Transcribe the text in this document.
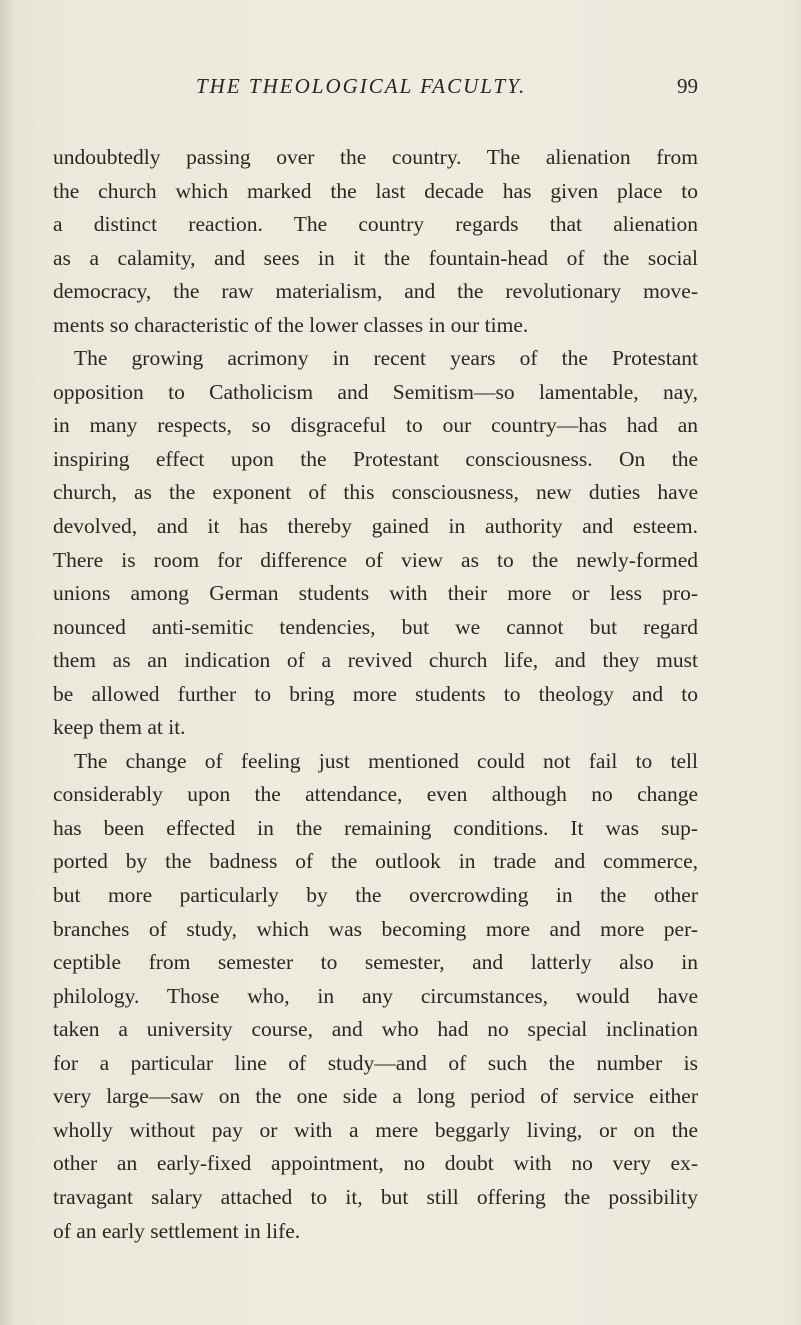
THE THEOLOGICAL FACULTY.	99
undoubtedly passing over the country. The alienation from
the church which marked the last decade has given place to
a distinct reaction. The country regards that alienation
as a calamity, and sees in it the fountain-head of the social
democracy, the raw materialism, and the revolutionary move-
ments so characteristic of the lower classes in our time.
The growing acrimony in recent years of the Protestant
opposition to Catholicism and Semitism—so lamentable, nay,
in many respects, so disgraceful to our country—has had an
inspiring effect upon the Protestant consciousness. On the
church, as the exponent of this consciousness, new duties have
devolved, and it has thereby gained in authority and esteem.
There is room for difference of view as to the newly-formed
unions among German students with their more or less pro-
nounced anti-semitic tendencies, but we cannot but regard
them as an indication of a revived church life, and they must
be allowed further to bring more students to theology and to
keep them at it.
The change of feeling just mentioned could not fail to tell
considerably upon the attendance, even although no change
has been effected in the remaining conditions. It was sup-
ported by the badness of the outlook in trade and commerce,
but more particularly by the overcrowding in the other
branches of study, which was becoming more and more per-
ceptible from semester to semester, and latterly also in
philology. Those who, in any circumstances, would have
taken a university course, and who had no special inclination
for a particular line of study—and of such the number is
very large—saw on the one side a long period of service either
wholly without pay or with a mere beggarly living, or on the
other an early-fixed appointment, no doubt with no very ex-
travagant salary attached to it, but still offering the possibility
of an early settlement in life.
